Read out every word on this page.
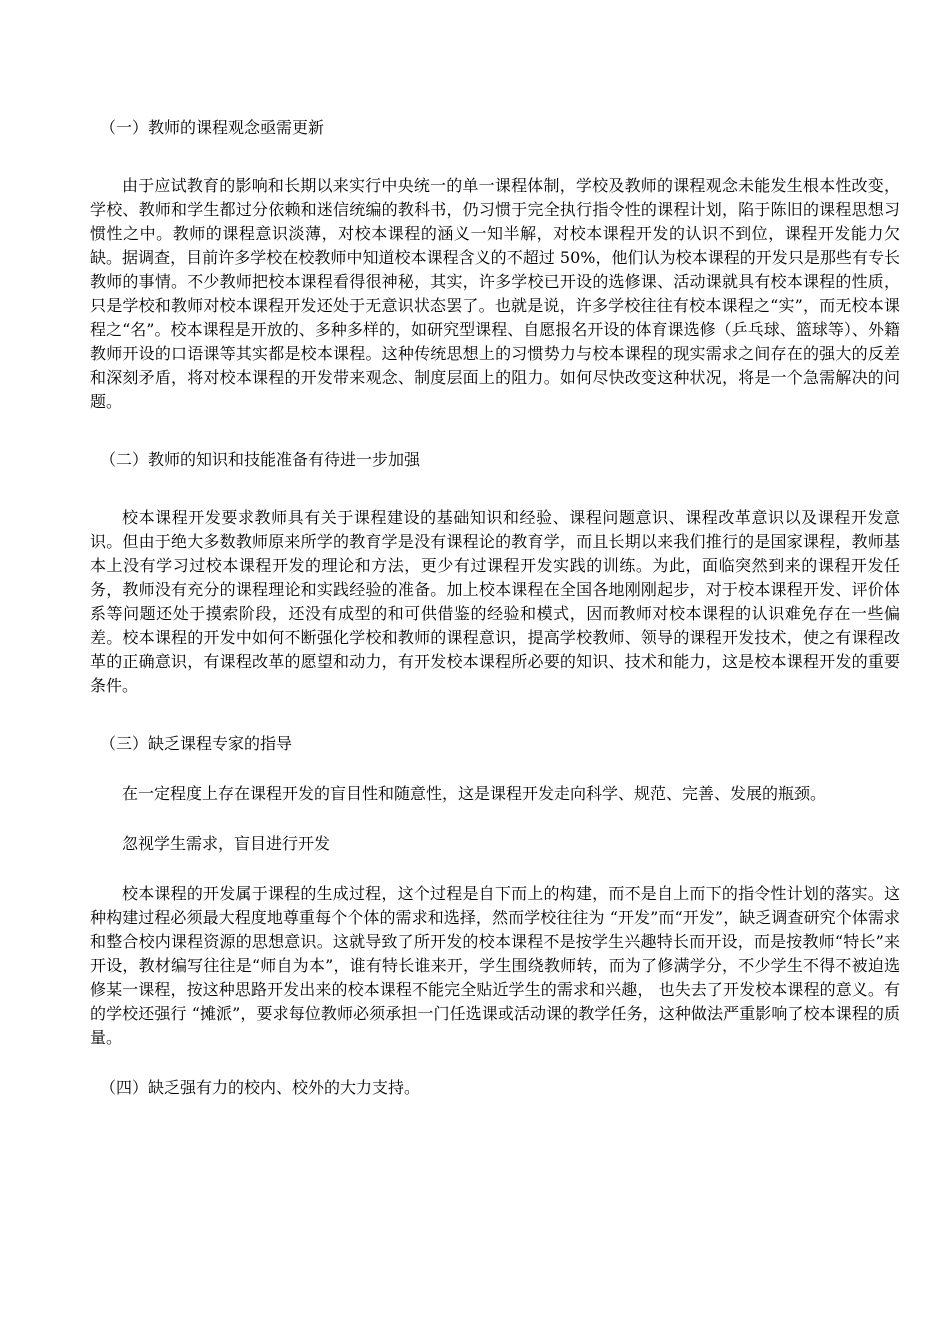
（一）教师的课程观念亟需更新

由于应试教育的影响和长期以来实行中央统一的单一课程体制，学校及教师的课程观念未能发生根本性改变，学校、教师和学生都过分依赖和迷信统编的教科书，仍习惯于完全执行指令性的课程计划，陷于陈旧的课程思想习惯性之中。教师的课程意识淡薄，对校本课程的涵义一知半解，对校本课程开发的认识不到位，课程开发能力欠缺。据调查，目前许多学校在校教师中知道校本课程含义的不超过 50%，他们认为校本课程的开发只是那些有专长教师的事情。不少教师把校本课程看得很神秘，其实，许多学校已开设的选修课、活动课就具有校本课程的性质，只是学校和教师对校本课程开发还处于无意识状态罢了。也就是说，许多学校往往有校本课程之“实”，而无校本课程之“名”。校本课程是开放的、多种多样的，如研究型课程、自愿报名开设的体育课选修（乒乓球、篮球等）、外籍教师开设的口语课等其实都是校本课程。这种传统思想上的习惯势力与校本课程的现实需求之间存在的强大的反差和深刻矛盾，将对校本课程的开发带来观念、制度层面上的阻力。如何尽快改变这种状况，将是一个急需解决的问题。

（二）教师的知识和技能准备有待进一步加强

校本课程开发要求教师具有关于课程建设的基础知识和经验、课程问题意识、课程改革意识以及课程开发意识。但由于绝大多数教师原来所学的教育学是没有课程论的教育学，而且长期以来我们推行的是国家课程，教师基本上没有学习过校本课程开发的理论和方法，更少有过课程开发实践的训练。为此，面临突然到来的课程开发任务，教师没有充分的课程理论和实践经验的准备。加上校本课程在全国各地刚刚起步，对于校本课程开发、评价体系等问题还处于摸索阶段，还没有成型的和可供借鉴的经验和模式，因而教师对校本课程的认识难免存在一些偏差。校本课程的开发中如何不断强化学校和教师的课程意识，提高学校教师、领导的课程开发技术，使之有课程改革的正确意识，有课程改革的愿望和动力，有开发校本课程所必要的知识、技术和能力，这是校本课程开发的重要条件。

（三）缺乏课程专家的指导

在一定程度上存在课程开发的盲目性和随意性，这是课程开发走向科学、规范、完善、发展的瓶颈。

忽视学生需求，盲目进行开发

校本课程的开发属于课程的生成过程，这个过程是自下而上的构建，而不是自上而下的指令性计划的落实。这种构建过程必须最大程度地尊重每个个体的需求和选择，然而学校往往为 “开发”而“开发”，缺乏调查研究个体需求和整合校内课程资源的思想意识。这就导致了所开发的校本课程不是按学生兴趣特长而开设，而是按教师“特长”来开设，教材编写往往是“师自为本”，谁有特长谁来开，学生围绕教师转，而为了修满学分，不少学生不得不被迫选修某一课程，按这种思路开发出来的校本课程不能完全贴近学生的需求和兴趣， 也失去了开发校本课程的意义。有的学校还强行 “摊派”，要求每位教师必须承担一门任选课或活动课的教学任务，这种做法严重影响了校本课程的质量。

（四）缺乏强有力的校内、校外的大力支持。
